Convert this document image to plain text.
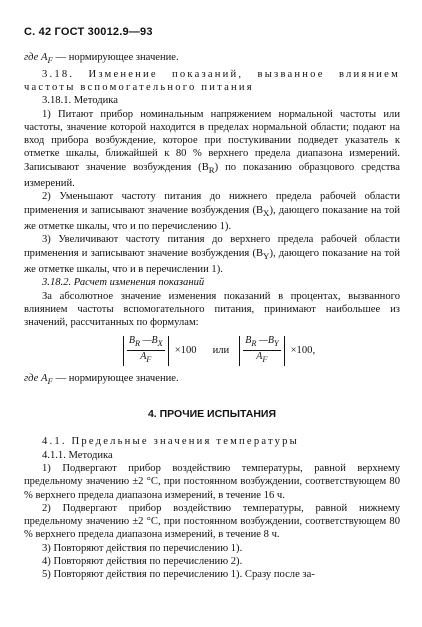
С. 42 ГОСТ 30012.9—93

где $A_F$ — нормирующее значение.

3.18. Изменение показаний, вызванное влиянием частоты вспомогательного питания

3.18.1. Методика

1) Питают прибор номинальным напряжением нормальной частоты или частоты, значение которой находится в пределах нормальной области; подают на вход прибора возбуждение, которое при постукивании подведет указатель к отметке шкалы, ближайшей к 80 % верхнего предела диапазона измерений. Записывают значение возбуждения $(B_R)$ по показанию образцового средства измерений.

2) Уменьшают частоту питания до нижнего предела рабочей области применения и записывают значение возбуждения $(B_X)$, дающего показание на той же отметке шкалы, что и по перечислению 1).

3) Увеличивают частоту питания до верхнего предела рабочей области применения и записывают значение возбуждения $(B_Y)$, дающего показание на той же отметке шкалы, что и в перечислении 1).

3.18.2. Расчет изменения показаний

За абсолютное значение изменения показаний в процентах, вызванного влиянием частоты вспомогательного питания, принимают наибольшее из значений, рассчитанных по формулам:

$\frac{B_R —B_X}{A_F} \times 100$ или $\frac{B_R —B_Y}{A_F} \times 100$,

где $A_F$ — нормирующее значение.

4. ПРОЧИЕ ИСПЫТАНИЯ

4.1. Предельные значения температуры

4.1.1. Методика

1) Подвергают прибор воздействию температуры, равной верхнему предельному значению ±2 °С, при постоянном возбуждении, соответствующем 80 % верхнего предела диапазона измерений, в течение 16 ч.

2) Подвергают прибор воздействию температуры, равной нижнему предельному значению ±2 °С, при постоянном возбуждении, соответствующем 80 % верхнего предела диапазона измерений, в течение 8 ч.

3) Повторяют действия по перечислению 1).

4) Повторяют действия по перечислению 2).

5) Повторяют действия по перечислению 1). Сразу после за-
